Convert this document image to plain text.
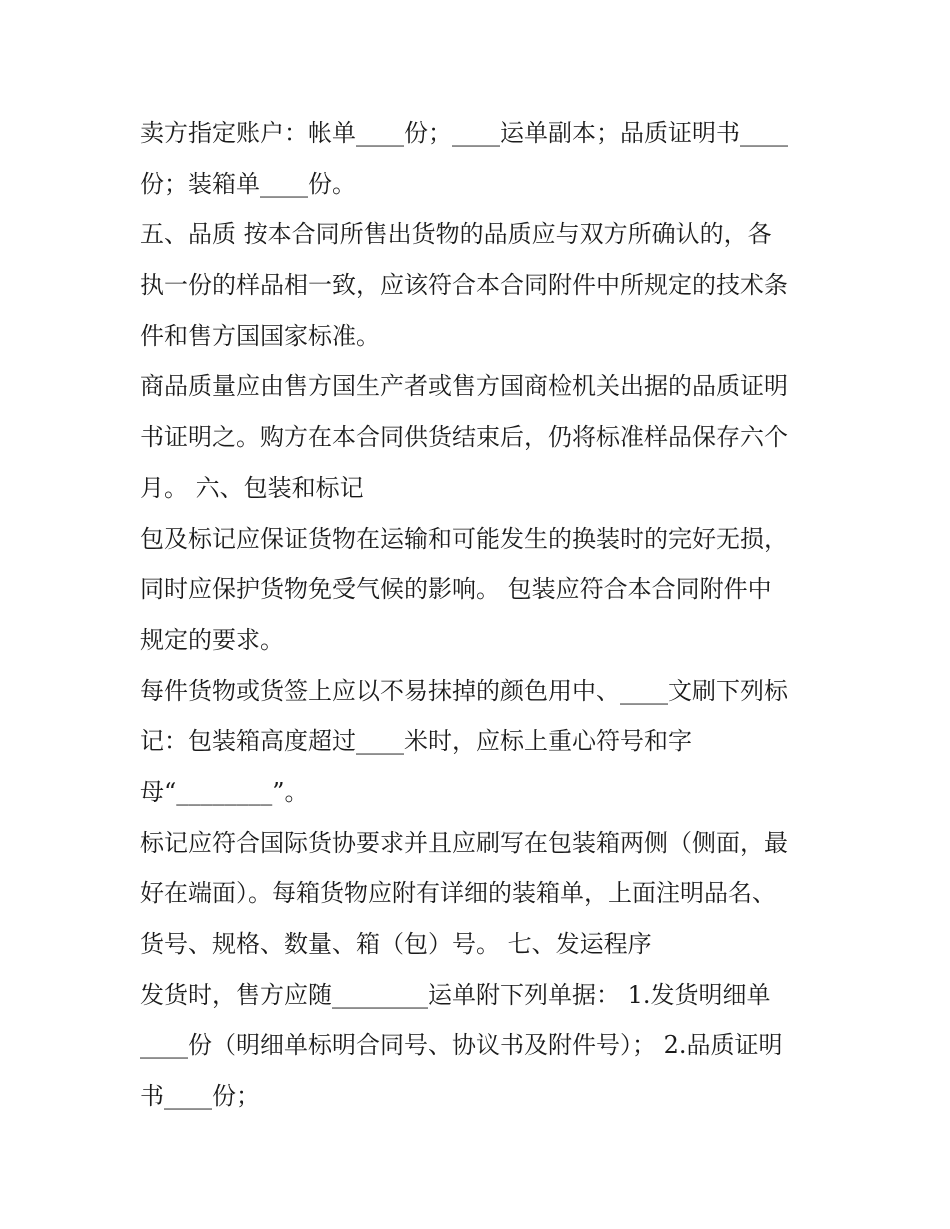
卖方指定账户：帐单____份；____运单副本；品质证明书____
份；装箱单____份。
五、品质 按本合同所售出货物的品质应与双方所确认的，各
执一份的样品相一致，应该符合本合同附件中所规定的技术条
件和售方国国家标准。
商品质量应由售方国生产者或售方国商检机关出据的品质证明
书证明之。购方在本合同供货结束后，仍将标准样品保存六个
月。 六、包装和标记
包及标记应保证货物在运输和可能发生的换装时的完好无损，
同时应保护货物免受气候的影响。 包装应符合本合同附件中
规定的要求。
每件货物或货签上应以不易抹掉的颜色用中、____文刷下列标
记：包装箱高度超过____米时，应标上重心符号和字
母“________”。
标记应符合国际货协要求并且应刷写在包装箱两侧（侧面，最
好在端面）。每箱货物应附有详细的装箱单，上面注明品名、
货号、规格、数量、箱（包）号。 七、发运程序
发货时，售方应随________运单附下列单据： 1.发货明细单
____份（明细单标明合同号、协议书及附件号）； 2.品质证明
书____份；
